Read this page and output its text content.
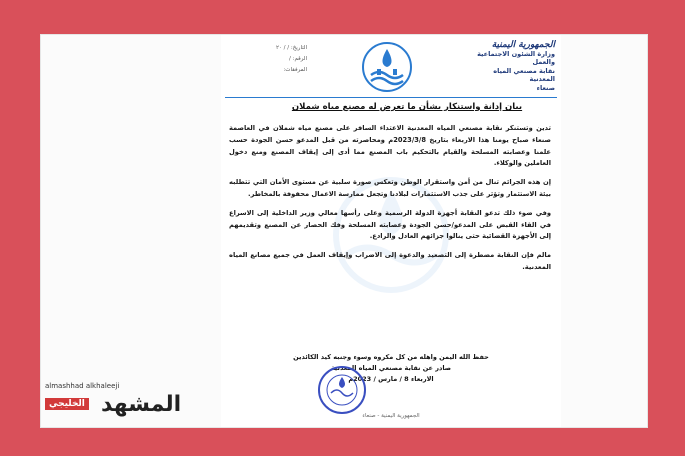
الجمهورية اليمنية
وزارة الشئون الاجتماعية والعمل
نقابة مصنعي المياه المعدنية
صنعاء
التاريخ: / / ٢٠
الرقم: /
المرفقات:
بيان إدانة واستنكار بشأن ما تعرض له مصنع مياه شملان

تدين وتستنكر نقابة مصنعي المياه المعدنية الاعتداء السافر على مصنع مياه شملان في العاصمة صنعاء صباح يومنا هذا الاربعاء بتاريخ 2023/3/8م ومحاصرته من قبل المدعو حسن الجودة حسب علمنا وعصابته المسلحة والقيام بالتحكيم باب المصنع مما أدى إلى إيقاف المصنع ومنع دخول العاملين والوكلاء.

إن هذه الجرائم تنال من أمن واستقرار الوطن وتعكس صورة سلبية عن مستوى الأمان التي تتطلبه بيئة الاستثمار وتؤثر على جذب الاستثمارات لبلادنا وتجعل ممارسة الاعمال محفوفة بالمخاطر.

وفي ضوء ذلك تدعو النقابة أجهزة الدولة الرسمية وعلى رأسها معالي وزير الداخلية إلى الاسراع في القاء القبض على المدعو/حسن الجودة وعصابته المسلحة وفك الحصار عن المصنع وتقديمهم إلى الأجهزة القضائية حتى ينالوا جزائهم العادل والرادع.

مالم فإن النقابة مضطرة إلى التصعيد والدعوة إلى الاضراب وإيقاف العمل في جميع مصانع المياه المعدنية.

حفظ الله اليمن واهله من كل مكروه وسوء وجنبه كيد الكائدين
صادر عن نقابة مصنعي المياه المعدنية
الاربعاء 8 / مارس / 2023م
الجمهورية اليمنية - صنعاء
almashhad alkhaleeji
الخليجي المشهد
